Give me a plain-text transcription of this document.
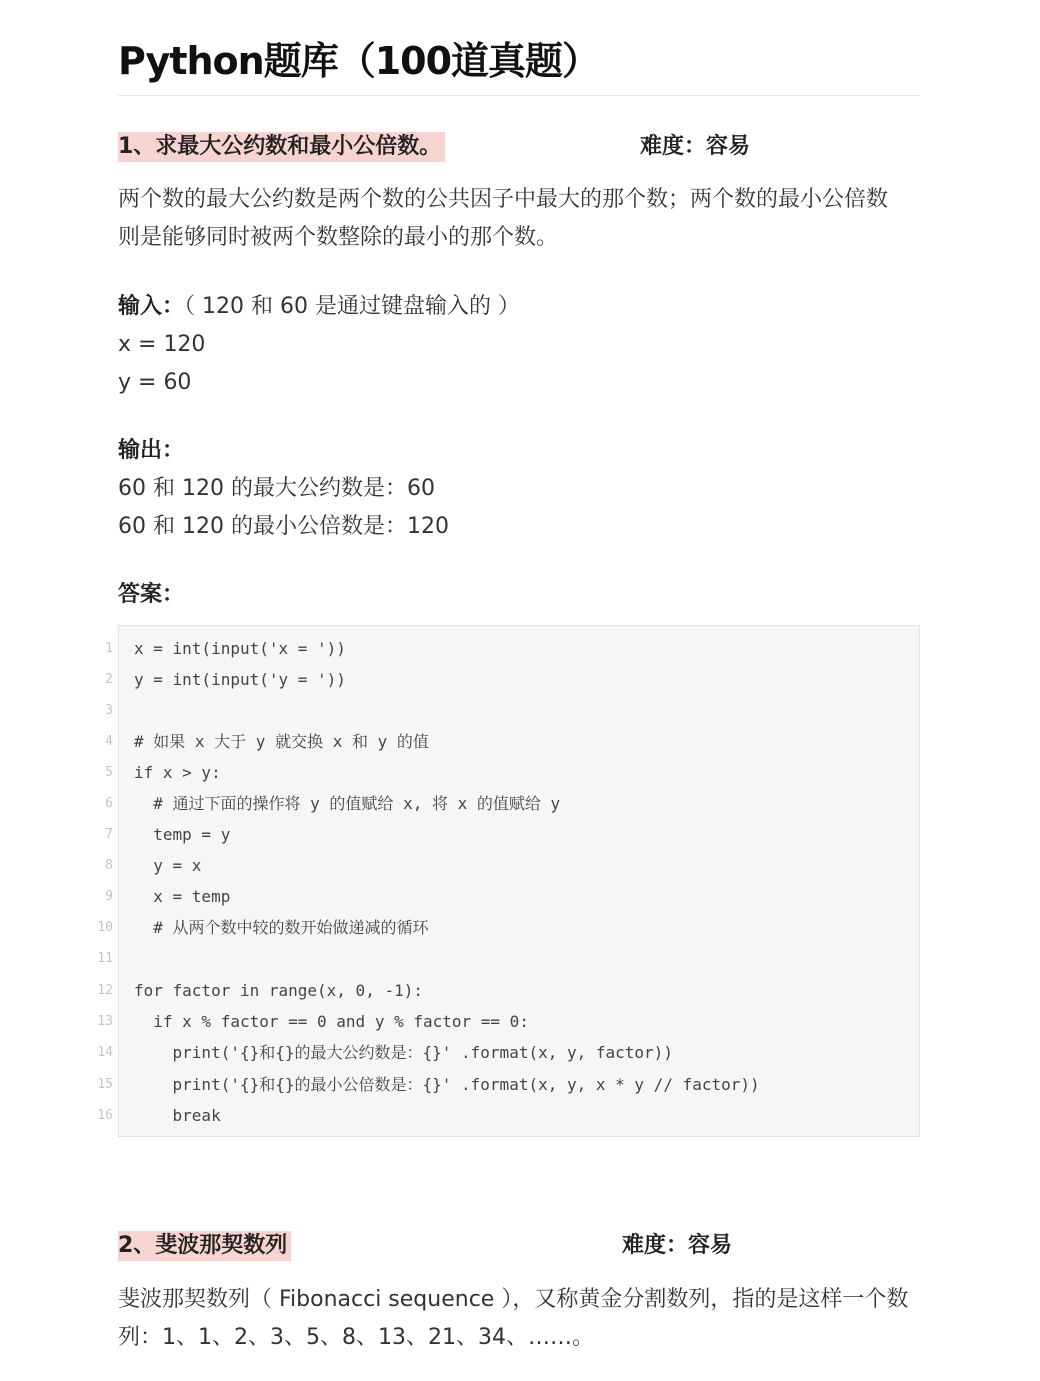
Python题库（100道真题）
1、求最大公约数和最小公倍数。	难度：容易
两个数的最大公约数是两个数的公共因子中最大的那个数；两个数的最小公倍数
则是能够同时被两个数整除的最小的那个数。
输入：（ 120 和 60 是通过键盘输入的 ）
x = 120
y = 60
输出：
60 和 120 的最大公约数是：60
60 和 120 的最小公倍数是：120
答案：
1 x = int(input('x = '))
2 y = int(input('y = '))
3
4 # 如果 x 大于 y 就交换 x 和 y 的值
5 if x > y:
6 # 通过下面的操作将 y 的值赋给 x, 将 x 的值赋给 y
7 temp = y
8 y = x
9 x = temp
10 # 从两个数中较的数开始做递减的循环
11
12 for factor in range(x, 0, -1):
13 if x % factor == 0 and y % factor == 0:
14 print('{}和{}的最大公约数是：{}' .format(x, y, factor))
15 print('{}和{}的最小公倍数是：{}' .format(x, y, x * y // factor))
16 break
2、斐波那契数列	难度：容易
斐波那契数列（ Fibonacci sequence ），又称黄金分割数列，指的是这样一个数
列：1、1、2、3、5、8、13、21、34、……。
